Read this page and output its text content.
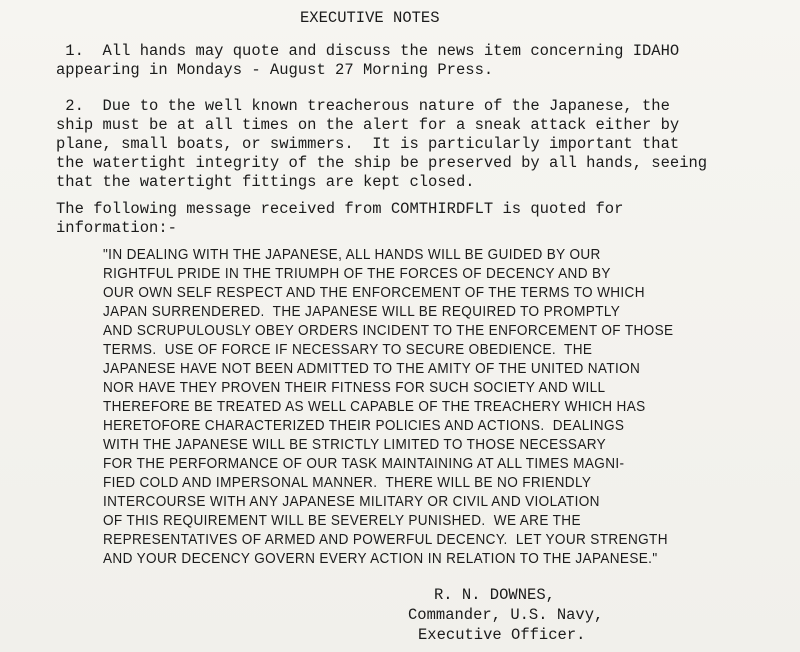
EXECUTIVE NOTES

1.  All hands may quote and discuss the news item concerning IDAHO
appearing in Mondays - August 27 Morning Press.

2.  Due to the well known treacherous nature of the Japanese, the
ship must be at all times on the alert for a sneak attack either by
plane, small boats, or swimmers.  It is particularly important that
the watertight integrity of the ship be preserved by all hands, seeing
that the watertight fittings are kept closed.

The following message received from COMTHIRDFLT is quoted for
information:-

"IN DEALING WITH THE JAPANESE, ALL HANDS WILL BE GUIDED BY OUR
RIGHTFUL PRIDE IN THE TRIUMPH OF THE FORCES OF DECENCY AND BY
OUR OWN SELF RESPECT AND THE ENFORCEMENT OF THE TERMS TO WHICH
JAPAN SURRENDERED.  THE JAPANESE WILL BE REQUIRED TO PROMPTLY
AND SCRUPULOUSLY OBEY ORDERS INCIDENT TO THE ENFORCEMENT OF THOSE
TERMS.  USE OF FORCE IF NECESSARY TO SECURE OBEDIENCE.  THE
JAPANESE HAVE NOT BEEN ADMITTED TO THE AMITY OF THE UNITED NATION
NOR HAVE THEY PROVEN THEIR FITNESS FOR SUCH SOCIETY AND WILL
THEREFORE BE TREATED AS WELL CAPABLE OF THE TREACHERY WHICH HAS
HERETOFORE CHARACTERIZED THEIR POLICIES AND ACTIONS.  DEALINGS
WITH THE JAPANESE WILL BE STRICTLY LIMITED TO THOSE NECESSARY
FOR THE PERFORMANCE OF OUR TASK MAINTAINING AT ALL TIMES MAGNI-
FIED COLD AND IMPERSONAL MANNER.  THERE WILL BE NO FRIENDLY
INTERCOURSE WITH ANY JAPANESE MILITARY OR CIVIL AND VIOLATION
OF THIS REQUIREMENT WILL BE SEVERELY PUNISHED.  WE ARE THE
REPRESENTATIVES OF ARMED AND POWERFUL DECENCY.  LET YOUR STRENGTH
AND YOUR DECENCY GOVERN EVERY ACTION IN RELATION TO THE JAPANESE."

R. N. DOWNES,

Commander, U.S. Navy,

Executive Officer.
